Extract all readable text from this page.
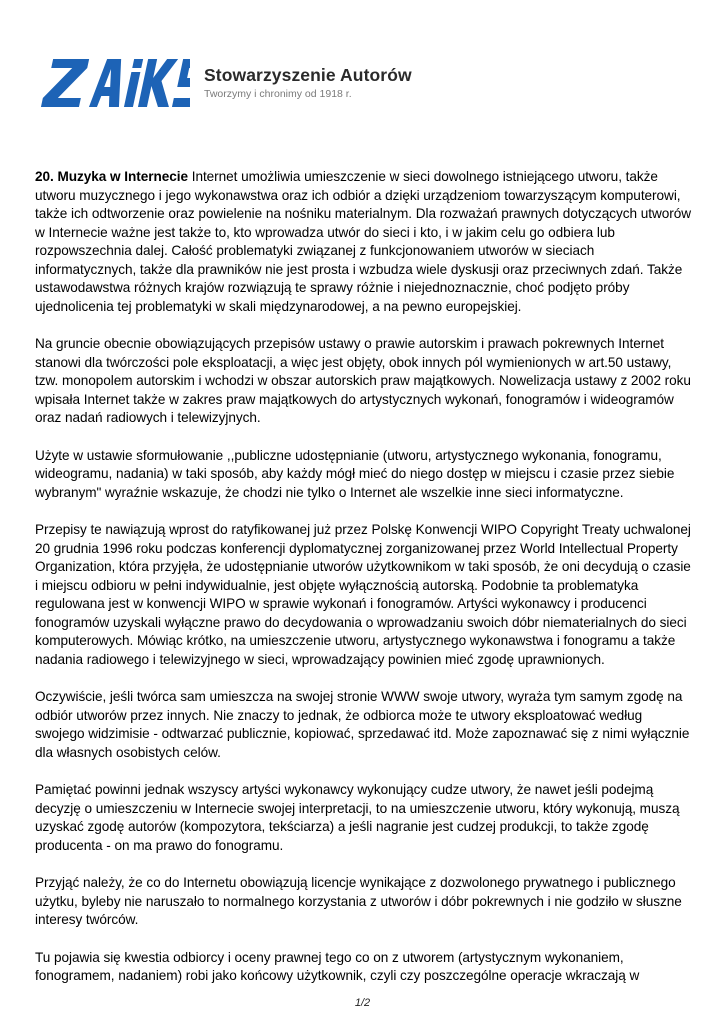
ZAiKS
Stowarzyszenie Autorów
Tworzymy i chronimy od 1918 r.

20. Muzyka w Internecie Internet umożliwia umieszczenie w sieci dowolnego istniejącego utworu, także utworu muzycznego i jego wykonawstwa oraz ich odbiór a dzięki urządzeniom towarzyszącym komputerowi, także ich odtworzenie oraz powielenie na nośniku materialnym. Dla rozważań prawnych dotyczących utworów w Internecie ważne jest także to, kto wprowadza utwór do sieci i kto, i w jakim celu go odbiera lub rozpowszechnia dalej. Całość problematyki związanej z funkcjonowaniem utworów w sieciach informatycznych, także dla prawników nie jest prosta i wzbudza wiele dyskusji oraz przeciwnych zdań. Także ustawodawstwa różnych krajów rozwiązują te sprawy różnie i niejednoznacznie, choć podjęto próby ujednolicenia tej problematyki w skali międzynarodowej, a na pewno europejskiej.

Na gruncie obecnie obowiązujących przepisów ustawy o prawie autorskim i prawach pokrewnych Internet stanowi dla twórczości pole eksploatacji, a więc jest objęty, obok innych pól wymienionych w art.50 ustawy, tzw. monopolem autorskim i wchodzi w obszar autorskich praw majątkowych. Nowelizacja ustawy z 2002 roku wpisała Internet także w zakres praw majątkowych do artystycznych wykonań, fonogramów i wideogramów oraz nadań radiowych i telewizyjnych.

Użyte w ustawie sformułowanie ,,publiczne udostępnianie (utworu, artystycznego wykonania, fonogramu, wideogramu, nadania) w taki sposób, aby każdy mógł mieć do niego dostęp w miejscu i czasie przez siebie wybranym" wyraźnie wskazuje, że chodzi nie tylko o Internet ale wszelkie inne sieci informatyczne.

Przepisy te nawiązują wprost do ratyfikowanej już przez Polskę Konwencji WIPO Copyright Treaty uchwalonej 20 grudnia 1996 roku podczas konferencji dyplomatycznej zorganizowanej przez World Intellectual Property Organization, która przyjęła, że udostępnianie utworów użytkownikom w taki sposób, że oni decydują o czasie i miejscu odbioru w pełni indywidualnie, jest objęte wyłącznością autorską. Podobnie ta problematyka regulowana jest w konwencji WIPO w sprawie wykonań i fonogramów. Artyści wykonawcy i producenci fonogramów uzyskali wyłączne prawo do decydowania o wprowadzaniu swoich dóbr niematerialnych do sieci komputerowych. Mówiąc krótko, na umieszczenie utworu, artystycznego wykonawstwa i fonogramu a także nadania radiowego i telewizyjnego w sieci, wprowadzający powinien mieć zgodę uprawnionych.

Oczywiście, jeśli twórca sam umieszcza na swojej stronie WWW swoje utwory, wyraża tym samym zgodę na odbiór utworów przez innych. Nie znaczy to jednak, że odbiorca może te utwory eksploatować według swojego widzimisie - odtwarzać publicznie, kopiować, sprzedawać itd. Może zapoznawać się z nimi wyłącznie dla własnych osobistych celów.

Pamiętać powinni jednak wszyscy artyści wykonawcy wykonujący cudze utwory, że nawet jeśli podejmą decyzję o umieszczeniu w Internecie swojej interpretacji, to na umieszczenie utworu, który wykonują, muszą uzyskać zgodę autorów (kompozytora, tekściarza) a jeśli nagranie jest cudzej produkcji, to także zgodę producenta - on ma prawo do fonogramu.

Przyjąć należy, że co do Internetu obowiązują licencje wynikające z dozwolonego prywatnego i publicznego użytku, byleby nie naruszało to normalnego korzystania z utworów i dóbr pokrewnych i nie godziło w słuszne interesy twórców.

Tu pojawia się kwestia odbiorcy i oceny prawnej tego co on z utworem (artystycznym wykonaniem, fonogramem, nadaniem) robi jako końcowy użytkownik, czyli czy poszczególne operacje wkraczają w

1/2
